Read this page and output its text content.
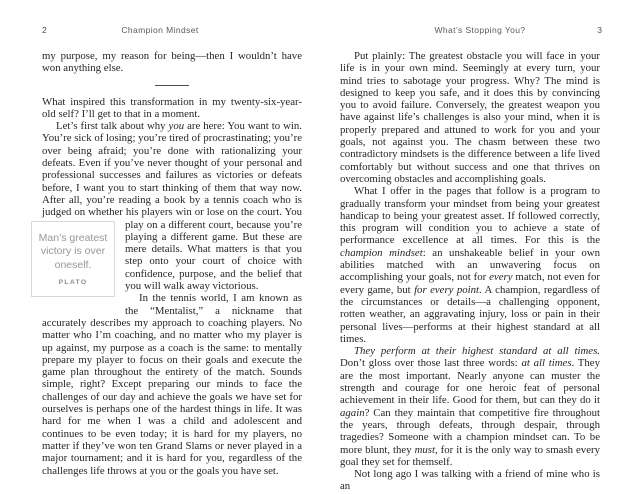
2	Champion Mindset

my purpose, my reason for being—then I wouldn’t have won anything else.

What inspired this transformation in my twenty-six-year-old self? I’ll get to that in a moment.

Let’s first talk about why you are here: You want to win. You’re sick of losing; you’re tired of procrastinating; you’re over being afraid; you’re done with rationalizing your defeats. Even if you’ve never thought of your personal and professional successes and failures as victories or defeats before, I want you to start thinking of them that way now. After all, you’re reading a book by a tennis coach who is judged on whether his players win or lose on the court. You play on a different court, because
Man’s greatest victory is over oneself.
PLATO
you’re playing a different game. But these are mere details. What matters is that you step onto your court of choice with confidence, purpose, and the belief that you will walk away victorious.

In the tennis world, I am known as the “Mentalist,” a nickname that accurately describes my approach to coaching players. No matter who I’m coaching, and no matter who my player is up against, my purpose as a coach is the same: to mentally prepare my player to focus on their goals and execute the game plan throughout the entirety of the match. Sounds simple, right? Except preparing our minds to face the challenges of our day and achieve the goals we have set for ourselves is perhaps one of the hardest things in life. It was hard for me when I was a child and adolescent and continues to be even today; it is hard for my players, no matter if they’ve won ten Grand Slams or never played in a major tournament; and it is hard for you, regardless of the challenges life throws at you or the goals you have set.

What’s Stopping You?	3

Put plainly: The greatest obstacle you will face in your life is in your own mind. Seemingly at every turn, your mind tries to sabotage your progress. Why? The mind is designed to keep you safe, and it does this by convincing you to avoid failure. Conversely, the greatest weapon you have against life’s challenges is also your mind, when it is properly prepared and attuned to work for you and your goals, not against you. The chasm between these two contradictory mindsets is the difference between a life lived comfortably but without success and one that thrives on overcoming obstacles and accomplishing goals.

What I offer in the pages that follow is a program to gradually transform your mindset from being your greatest handicap to being your greatest asset. If followed correctly, this program will condition you to achieve a state of performance excellence at all times. For this is the champion mindset: an unshakeable belief in your own abilities matched with an unwavering focus on accomplishing your goals, not for every match, not even for every game, but for every point. A champion, regardless of the circumstances or details—a challenging opponent, rotten weather, an aggravating injury, loss or pain in their personal lives—performs at their highest standard at all times.

They perform at their highest standard at all times. Don’t gloss over those last three words: at all times. They are the most important. Nearly anyone can muster the strength and courage for one heroic feat of personal achievement in their life. Good for them, but can they do it again? Can they maintain that competitive fire throughout the years, through defeats, through despair, through tragedies? Someone with a champion mindset can. To be more blunt, they must, for it is the only way to smash every goal they set for themself.

Not long ago I was talking with a friend of mine who is an
